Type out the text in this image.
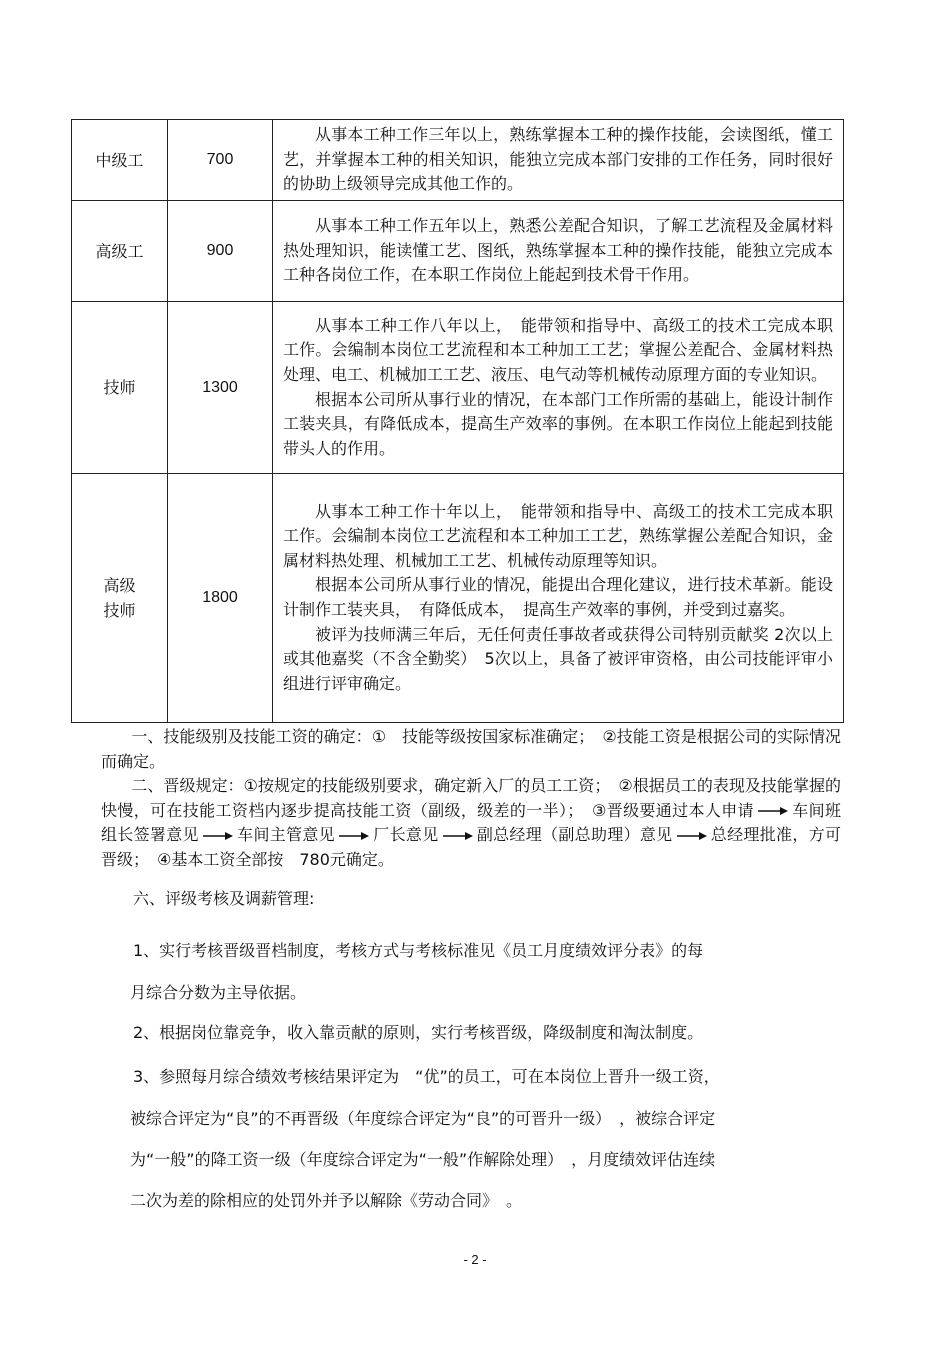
中级工	700	从事本工种工作三年以上，熟练掌握本工种的操作技能，会读图纸，懂工艺，并掌握本工种的相关知识，能独立完成本部门安排的工作任务，同时很好的协助上级领导完成其他工作的。

高级工	900	从事本工种工作五年以上，熟悉公差配合知识，了解工艺流程及金属材料热处理知识，能读懂工艺、图纸，熟练掌握本工种的操作技能，能独立完成本工种各岗位工作，在本职工作岗位上能起到技术骨干作用。

技师	1300	从事本工种工作八年以上，　能带领和指导中、高级工的技术工完成本职工作。会编制本岗位工艺流程和本工种加工工艺；掌握公差配合、金属材料热处理、电工、机械加工工艺、液压、电气动等机械传动原理方面的专业知识。

根据本公司所从事行业的情况，在本部门工作所需的基础上，能设计制作工装夹具，有降低成本，提高生产效率的事例。在本职工作岗位上能起到技能带头人的作用。

高级技师	1800	从事本工种工作十年以上，　能带领和指导中、高级工的技术工完成本职工作。会编制本岗位工艺流程和本工种加工工艺，熟练掌握公差配合知识，金属材料热处理、机械加工工艺、机械传动原理等知识。

根据本公司所从事行业的情况，能提出合理化建议，进行技术革新。能设计制作工装夹具，　有降低成本，　提高生产效率的事例，并受到过嘉奖。

被评为技师满三年后，无任何责任事故者或获得公司特别贡献奖 2次以上或其他嘉奖（不含全勤奖）　5次以上，具备了被评审资格，由公司技能评审小组进行评审确定。

一、技能级别及技能工资的确定：①　技能等级按国家标准确定；　②技能工资是根据公司的实际情况而确定。

二、晋级规定：①按规定的技能级别要求，确定新入厂的员工工资；　②根据员工的表现及技能掌握的快慢，可在技能工资档内逐步提高技能工资（副级，级差的一半）；　③晋级要通过本人申请 车间班组长签署意见 车间主管意见 厂长意见 副总经理（副总助理）意见 总经理批准，方可晋级；　 ④基本工资全部按　780元确定。

六、评级考核及调薪管理:

1、实行考核晋级晋档制度，考核方式与考核标准见《员工月度绩效评分表》的每

月综合分数为主导依据。

2、根据岗位靠竞争，收入靠贡献的原则，实行考核晋级，降级制度和淘汰制度。

3、参照每月综合绩效考核结果评定为　“优”的员工，可在本岗位上晋升一级工资，

被综合评定为“良”的不再晋级（年度综合评定为“良”的可晋升一级）　，被综合评定

为“一般”的降工资一级（年度综合评定为“一般”作解除处理）　，月度绩效评估连续

二次为差的除相应的处罚外并予以解除《劳动合同》　。

- 2 -
